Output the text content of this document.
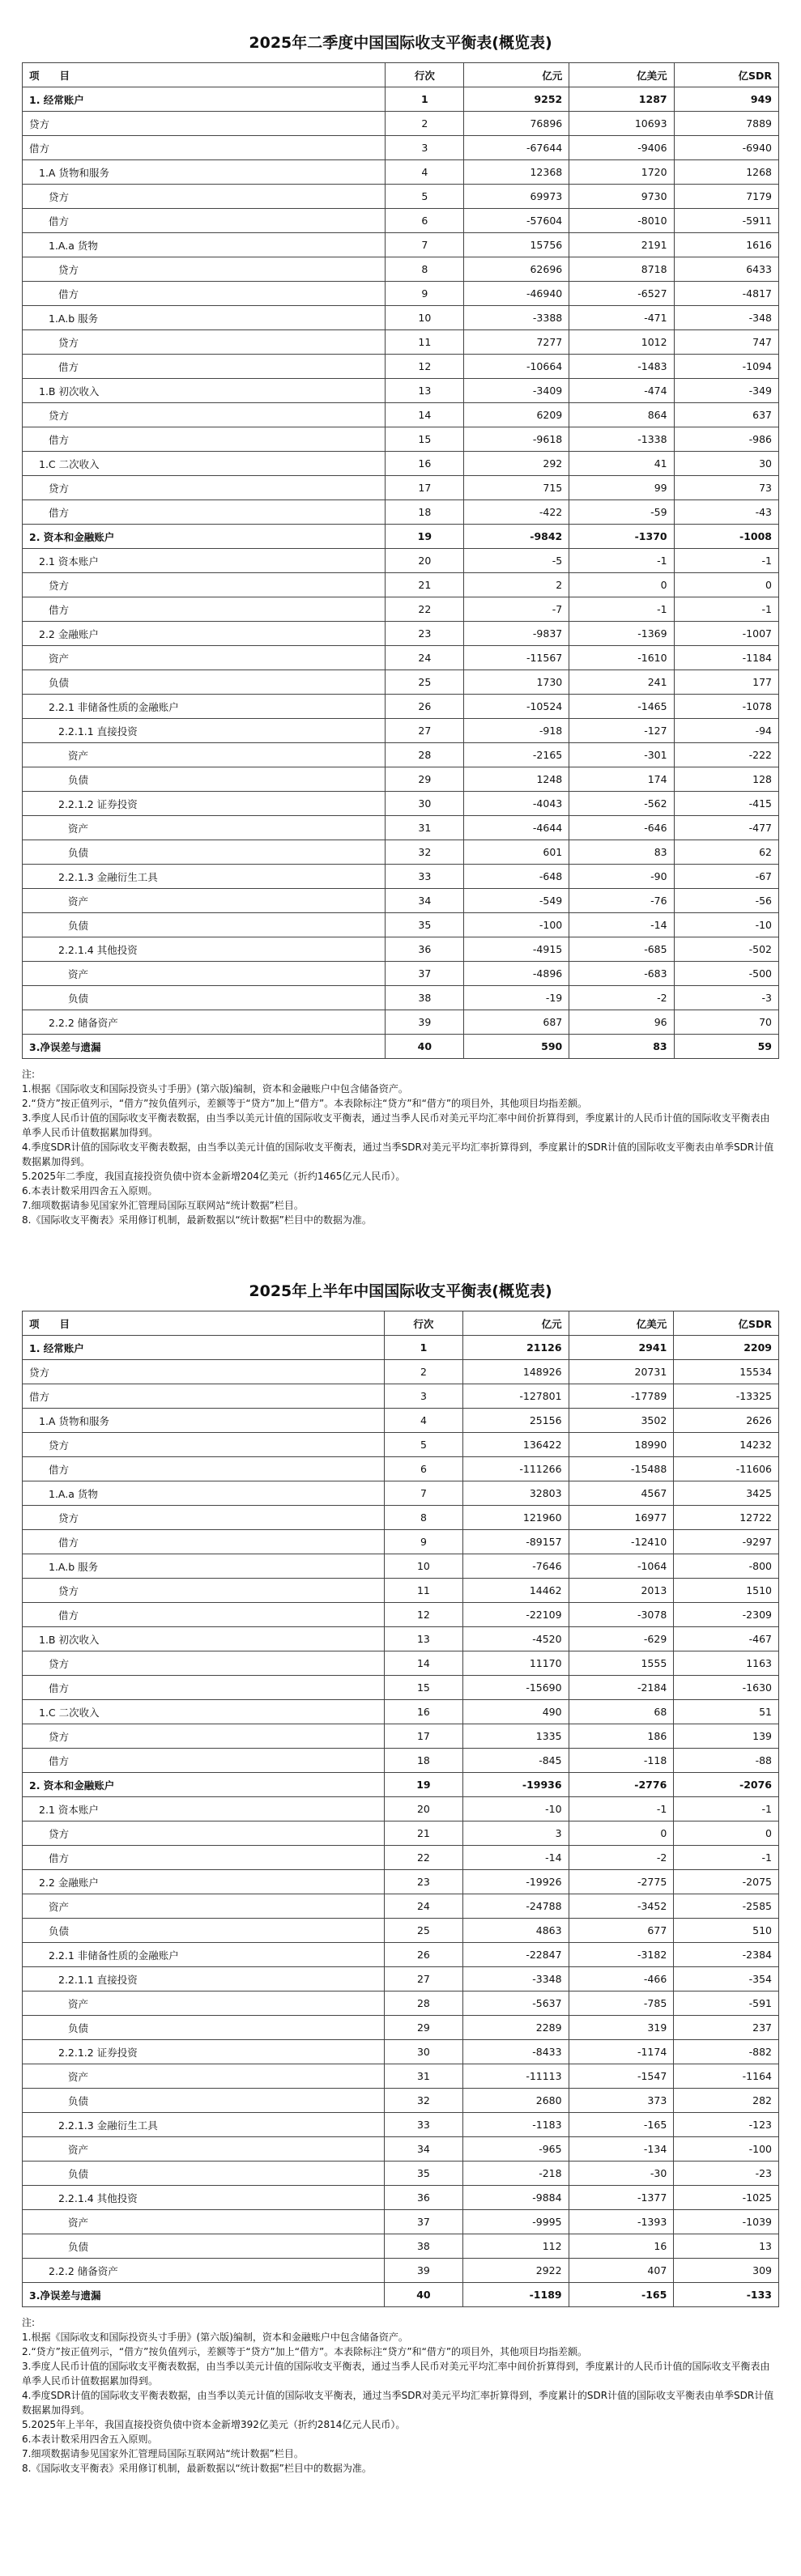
2025年二季度中国国际收支平衡表(概览表)
项　　目	行次	亿元	亿美元	亿SDR
1. 经常账户	1	9252	1287	949
贷方	2	76896	10693	7889
借方	3	-67644	-9406	-6940
1.A 货物和服务	4	12368	1720	1268
贷方	5	69973	9730	7179
借方	6	-57604	-8010	-5911
1.A.a 货物	7	15756	2191	1616
贷方	8	62696	8718	6433
借方	9	-46940	-6527	-4817
1.A.b 服务	10	-3388	-471	-348
贷方	11	7277	1012	747
借方	12	-10664	-1483	-1094
1.B 初次收入	13	-3409	-474	-349
贷方	14	6209	864	637
借方	15	-9618	-1338	-986
1.C 二次收入	16	292	41	30
贷方	17	715	99	73
借方	18	-422	-59	-43
2. 资本和金融账户	19	-9842	-1370	-1008
2.1 资本账户	20	-5	-1	-1
贷方	21	2	0	0
借方	22	-7	-1	-1
2.2 金融账户	23	-9837	-1369	-1007
资产	24	-11567	-1610	-1184
负债	25	1730	241	177
2.2.1 非储备性质的金融账户	26	-10524	-1465	-1078
2.2.1.1 直接投资	27	-918	-127	-94
资产	28	-2165	-301	-222
负债	29	1248	174	128
2.2.1.2 证券投资	30	-4043	-562	-415
资产	31	-4644	-646	-477
负债	32	601	83	62
2.2.1.3 金融衍生工具	33	-648	-90	-67
资产	34	-549	-76	-56
负债	35	-100	-14	-10
2.2.1.4 其他投资	36	-4915	-685	-502
资产	37	-4896	-683	-500
负债	38	-19	-2	-3
2.2.2 储备资产	39	687	96	70
3.净误差与遗漏	40	590	83	59

注:

1.根据《国际收支和国际投资头寸手册》(第六版)编制，资本和金融账户中包含储备资产。

2.“贷方”按正值列示，“借方”按负值列示，差额等于“贷方”加上“借方”。本表除标注“贷方”和“借方”的项目外，其他项目均指差额。

3.季度人民币计值的国际收支平衡表数据，由当季以美元计值的国际收支平衡表，通过当季人民币对美元平均汇率中间价折算得到，季度累计的人民币计值的国际收支平衡表由单季人民币计值数据累加得到。

4.季度SDR计值的国际收支平衡表数据，由当季以美元计值的国际收支平衡表，通过当季SDR对美元平均汇率折算得到，季度累计的SDR计值的国际收支平衡表由单季SDR计值数据累加得到。

5.2025年二季度，我国直接投资负债中资本金新增204亿美元（折约1465亿元人民币）。

6.本表计数采用四舍五入原则。

7.细项数据请参见国家外汇管理局国际互联网站“统计数据”栏目。

8.《国际收支平衡表》采用修订机制，最新数据以“统计数据”栏目中的数据为准。

2025年上半年中国国际收支平衡表(概览表)
项　　目	行次	亿元	亿美元	亿SDR
1. 经常账户	1	21126	2941	2209
贷方	2	148926	20731	15534
借方	3	-127801	-17789	-13325
1.A 货物和服务	4	25156	3502	2626
贷方	5	136422	18990	14232
借方	6	-111266	-15488	-11606
1.A.a 货物	7	32803	4567	3425
贷方	8	121960	16977	12722
借方	9	-89157	-12410	-9297
1.A.b 服务	10	-7646	-1064	-800
贷方	11	14462	2013	1510
借方	12	-22109	-3078	-2309
1.B 初次收入	13	-4520	-629	-467
贷方	14	11170	1555	1163
借方	15	-15690	-2184	-1630
1.C 二次收入	16	490	68	51
贷方	17	1335	186	139
借方	18	-845	-118	-88
2. 资本和金融账户	19	-19936	-2776	-2076
2.1 资本账户	20	-10	-1	-1
贷方	21	3	0	0
借方	22	-14	-2	-1
2.2 金融账户	23	-19926	-2775	-2075
资产	24	-24788	-3452	-2585
负债	25	4863	677	510
2.2.1 非储备性质的金融账户	26	-22847	-3182	-2384
2.2.1.1 直接投资	27	-3348	-466	-354
资产	28	-5637	-785	-591
负债	29	2289	319	237
2.2.1.2 证券投资	30	-8433	-1174	-882
资产	31	-11113	-1547	-1164
负债	32	2680	373	282
2.2.1.3 金融衍生工具	33	-1183	-165	-123
资产	34	-965	-134	-100
负债	35	-218	-30	-23
2.2.1.4 其他投资	36	-9884	-1377	-1025
资产	37	-9995	-1393	-1039
负债	38	112	16	13
2.2.2 储备资产	39	2922	407	309
3.净误差与遗漏	40	-1189	-165	-133

注:

1.根据《国际收支和国际投资头寸手册》(第六版)编制，资本和金融账户中包含储备资产。

2.“贷方”按正值列示，“借方”按负值列示，差额等于“贷方”加上“借方”。本表除标注“贷方”和“借方”的项目外，其他项目均指差额。

3.季度人民币计值的国际收支平衡表数据，由当季以美元计值的国际收支平衡表，通过当季人民币对美元平均汇率中间价折算得到，季度累计的人民币计值的国际收支平衡表由单季人民币计值数据累加得到。

4.季度SDR计值的国际收支平衡表数据，由当季以美元计值的国际收支平衡表，通过当季SDR对美元平均汇率折算得到，季度累计的SDR计值的国际收支平衡表由单季SDR计值数据累加得到。

5.2025年上半年，我国直接投资负债中资本金新增392亿美元（折约2814亿元人民币）。

6.本表计数采用四舍五入原则。

7.细项数据请参见国家外汇管理局国际互联网站“统计数据”栏目。

8.《国际收支平衡表》采用修订机制，最新数据以“统计数据”栏目中的数据为准。
